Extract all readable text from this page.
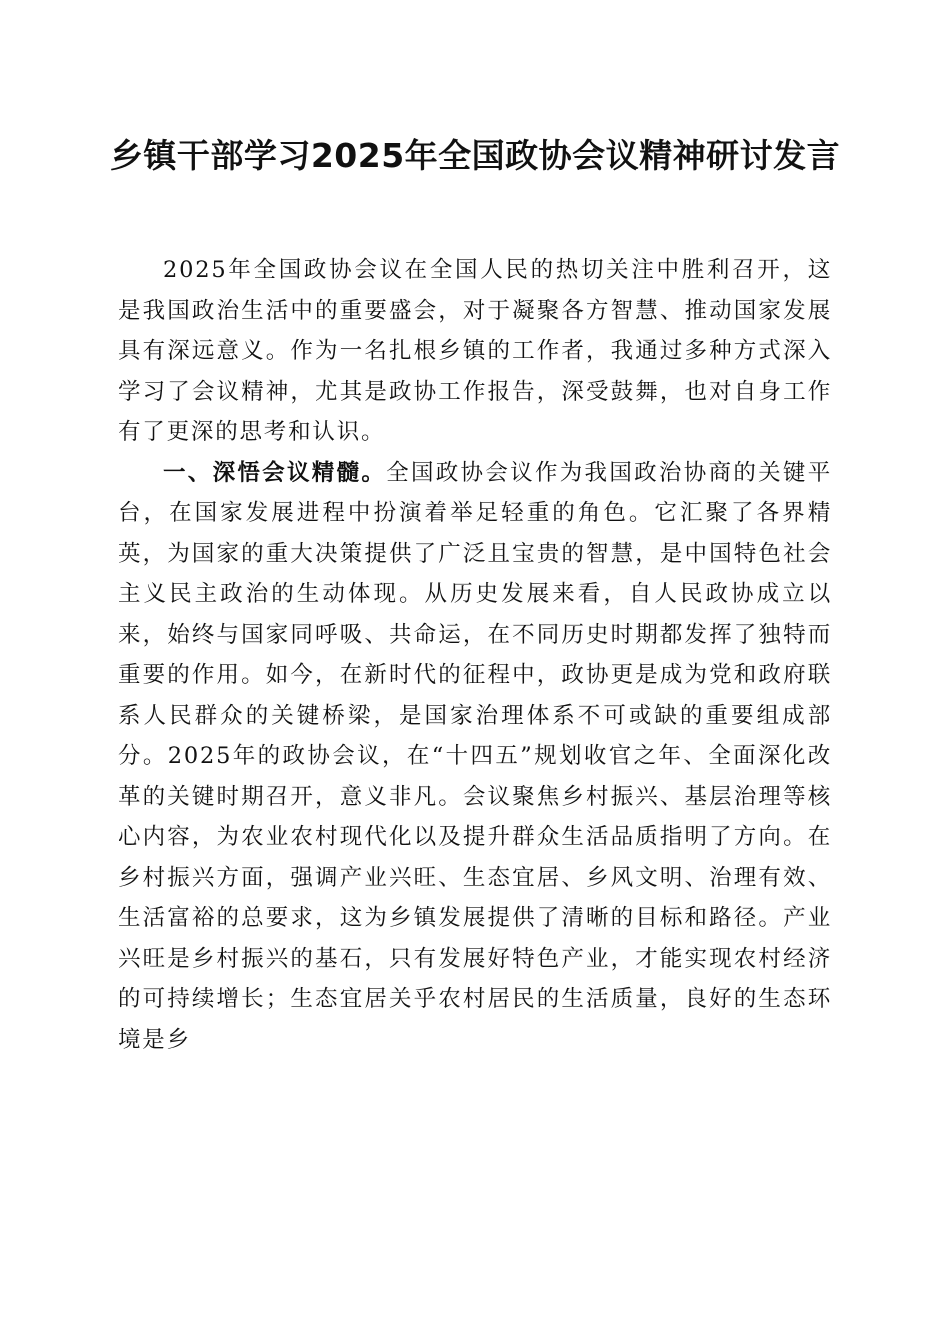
乡镇干部学习2025年全国政协会议精神研讨发言

2025年全国政协会议在全国人民的热切关注中胜利召开，这是我国政治生活中的重要盛会，对于凝聚各方智慧、推动国家发展具有深远意义。作为一名扎根乡镇的工作者，我通过多种方式深入学习了会议精神，尤其是政协工作报告，深受鼓舞，也对自身工作有了更深的思考和认识。

一、深悟会议精髓。全国政协会议作为我国政治协商的关键平台，在国家发展进程中扮演着举足轻重的角色。它汇聚了各界精英，为国家的重大决策提供了广泛且宝贵的智慧，是中国特色社会主义民主政治的生动体现。从历史发展来看，自人民政协成立以来，始终与国家同呼吸、共命运，在不同历史时期都发挥了独特而重要的作用。如今，在新时代的征程中，政协更是成为党和政府联系人民群众的关键桥梁，是国家治理体系不可或缺的重要组成部分。2025年的政协会议，在“十四五”规划收官之年、全面深化改革的关键时期召开，意义非凡。会议聚焦乡村振兴、基层治理等核心内容，为农业农村现代化以及提升群众生活品质指明了方向。在乡村振兴方面，强调产业兴旺、生态宜居、乡风文明、治理有效、生活富裕的总要求，这为乡镇发展提供了清晰的目标和路径。产业兴旺是乡村振兴的基石，只有发展好特色产业，才能实现农村经济的可持续增长；生态宜居关乎农村居民的生活质量，良好的生态环境是乡
